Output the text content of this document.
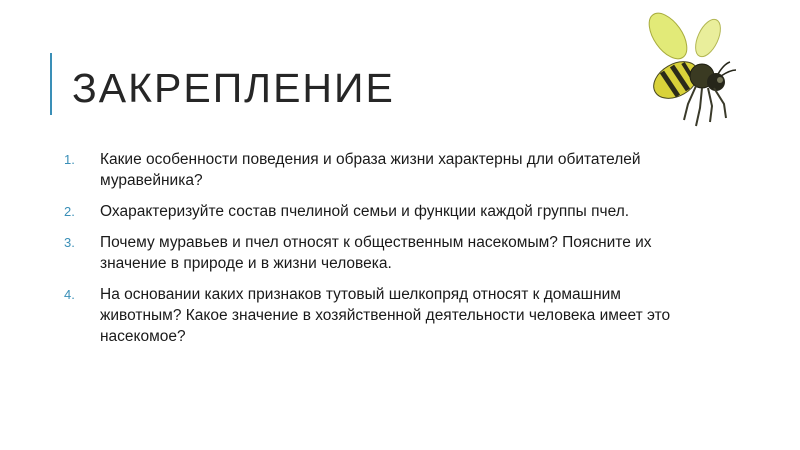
ЗАКРЕПЛЕНИЕ
1.	Какие особенности поведения и образа жизни характерны дли обитателей муравейника?
2.	Охарактеризуйте состав пчелиной семьи и функции каждой группы пчел.
3.	Почему муравьев и пчел относят к общественным насекомым? Поясните их значение в природе и в жизни человека.
4.	На основании каких признаков тутовый шелкопряд относят к домашним животным? Какое значение в хозяйственной деятельности человека имеет это насекомое?
